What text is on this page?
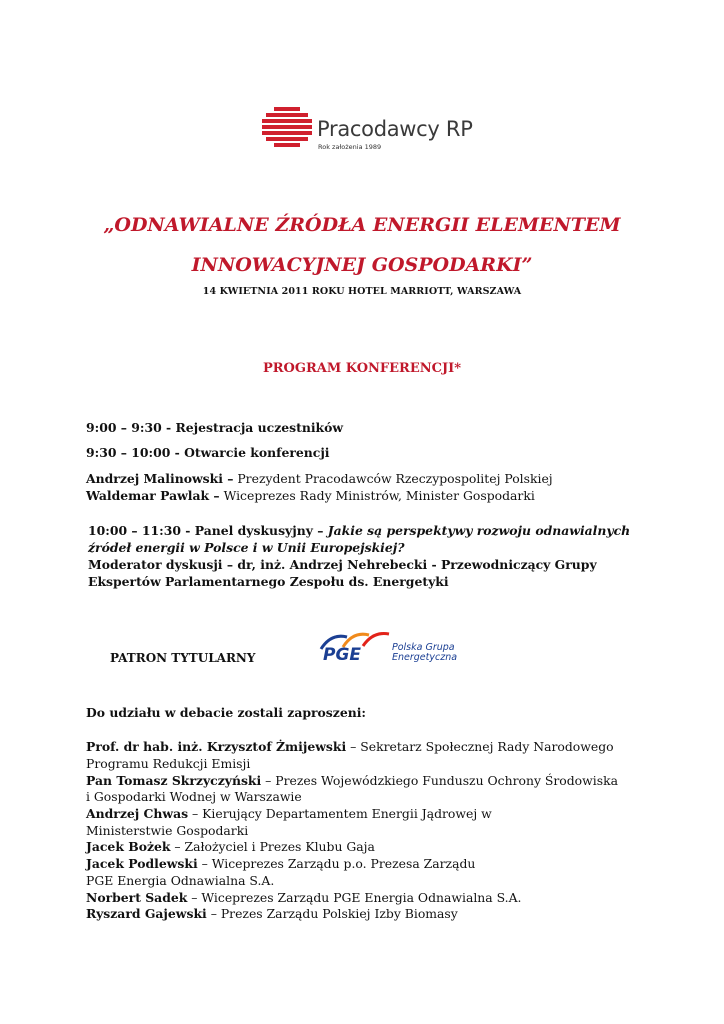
Pracodawcy RP
Rok założenia 1989
„ODNAWIALNE ŹRÓDŁA ENERGII ELEMENTEM
INNOWACYJNEJ GOSPODARKI”
14 KWIETNIA 2011 ROKU HOTEL MARRIOTT, WARSZAWA
PROGRAM KONFERENCJI*
9:00 – 9:30 - Rejestracja uczestników
9:30 – 10:00 - Otwarcie konferencji
Andrzej Malinowski – Prezydent Pracodawców Rzeczypospolitej Polskiej
Waldemar Pawlak – Wiceprezes Rady Ministrów, Minister Gospodarki
10:00 – 11:30 - Panel dyskusyjny – Jakie są perspektywy rozwoju odnawialnych
źródeł energii w Polsce i w Unii Europejskiej?
Moderator dyskusji – dr, inż. Andrzej Nehrebecki - Przewodniczący Grupy
Ekspertów Parlamentarnego Zespołu ds. Energetyki
PATRON TYTULARNY	PGE	Polska Grupa
Energetyczna
Do udziału w debacie zostali zaproszeni:
Prof. dr hab. inż. Krzysztof Żmijewski – Sekretarz Społecznej Rady Narodowego
Programu Redukcji Emisji
Pan Tomasz Skrzyczyński – Prezes Wojewódzkiego Funduszu Ochrony Środowiska
i Gospodarki Wodnej w Warszawie
Andrzej Chwas – Kierujący Departamentem Energii Jądrowej w
Ministerstwie Gospodarki
Jacek Bożek – Założyciel i Prezes Klubu Gaja
Jacek Podlewski – Wiceprezes Zarządu p.o. Prezesa Zarządu
PGE Energia Odnawialna S.A.
Norbert Sadek – Wiceprezes Zarządu PGE Energia Odnawialna S.A.
Ryszard Gajewski – Prezes Zarządu Polskiej Izby Biomasy
